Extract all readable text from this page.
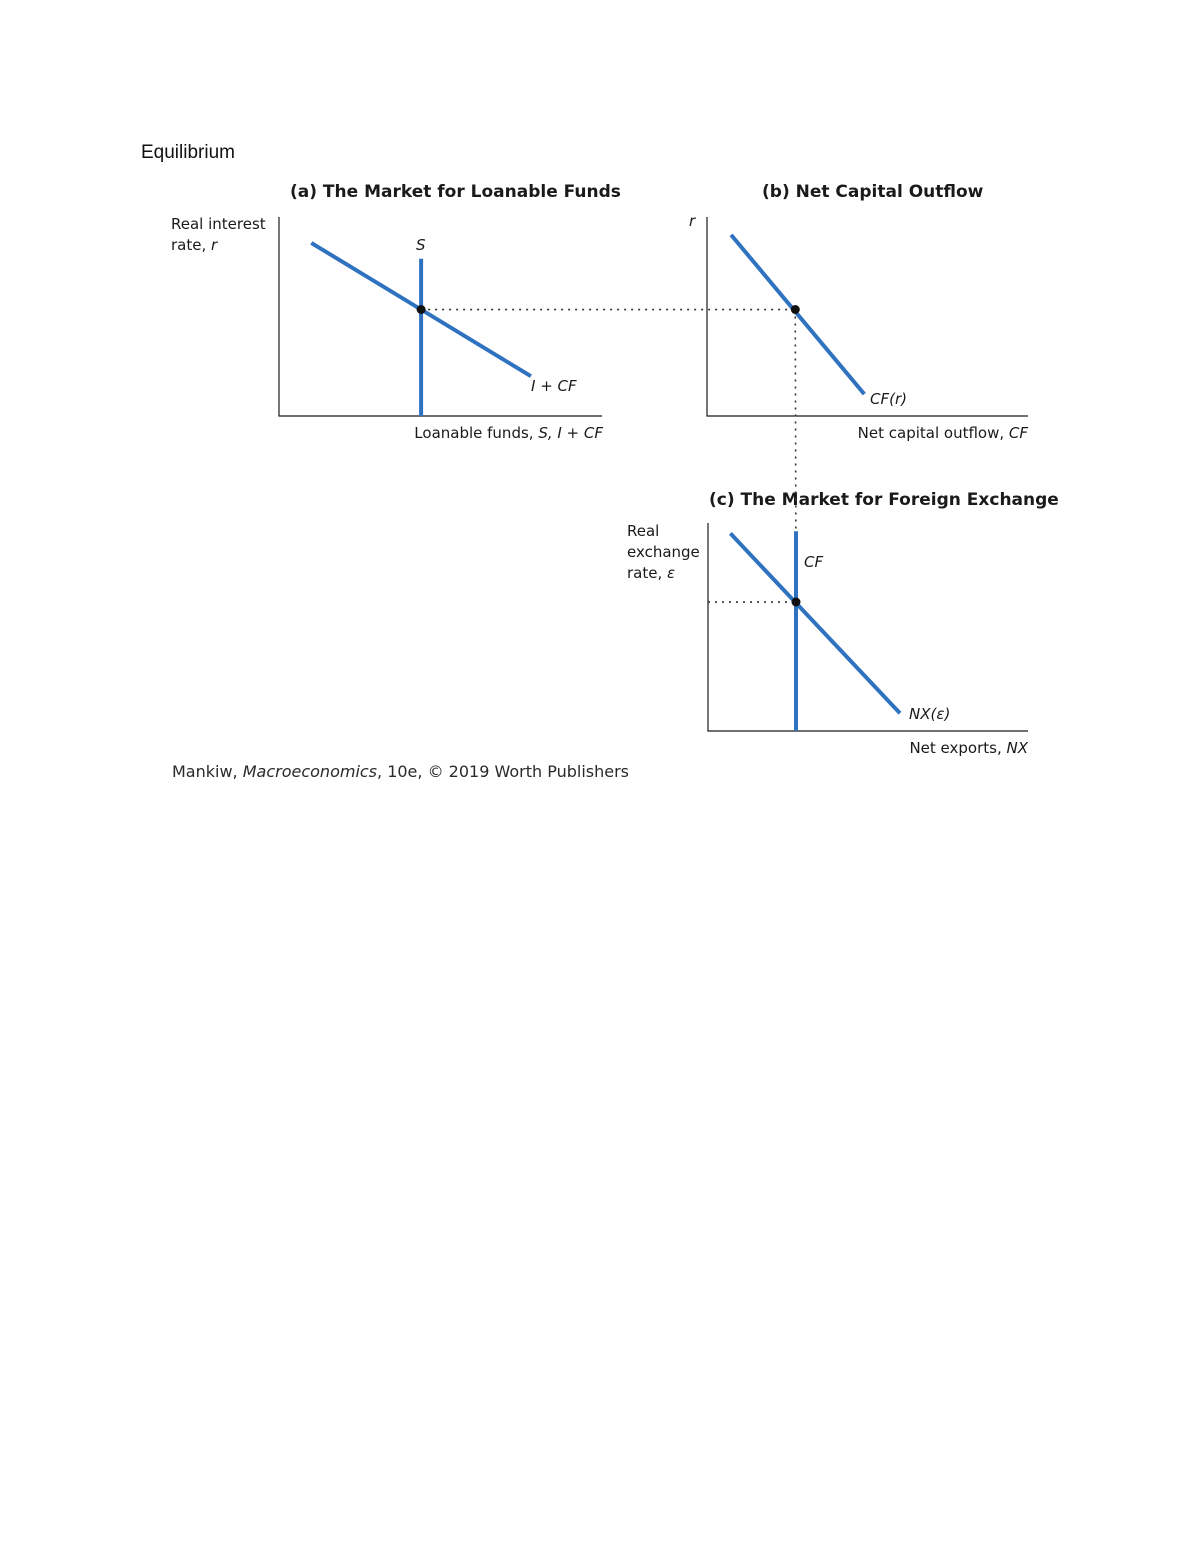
Equilibrium
(a) The Market for Loanable Funds	(b) Net Capital Outflow
(c) The Market for Foreign Exchange
Real interest
rate, r
r
Real
exchange
rate, ε
Loanable funds, S, I + CF	Net capital outflow, CF
Net exports, NX
S
I + CF
CF(r)
CF
NX(ε)
Mankiw, Macroeconomics, 10e, © 2019 Worth Publishers
